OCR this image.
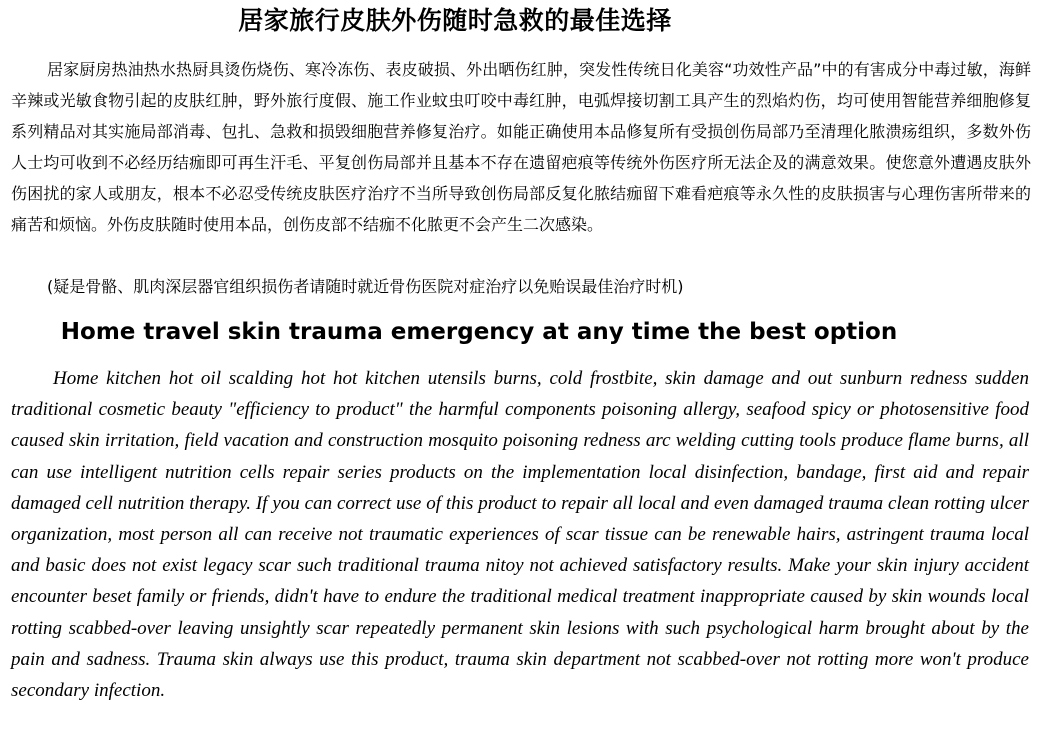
居家旅行皮肤外伤随时急救的最佳选择

居家厨房热油热水热厨具烫伤烧伤、寒冷冻伤、表皮破损、外出晒伤红肿，突发性传统日化美容“功效性产品”中的有害成分中毒过敏，海鲜辛辣或光敏食物引起的皮肤红肿，野外旅行度假、施工作业蚊虫叮咬中毒红肿，电弧焊接切割工具产生的烈焰灼伤，均可使用智能营养细胞修复系列精品对其实施局部消毒、包扎、急救和损毁细胞营养修复治疗。如能正确使用本品修复所有受损创伤局部乃至清理化脓溃疡组织，多数外伤人士均可收到不必经历结痂即可再生汗毛、平复创伤局部并且基本不存在遗留疤痕等传统外伤医疗所无法企及的满意效果。使您意外遭遇皮肤外伤困扰的家人或朋友，根本不必忍受传统皮肤医疗治疗不当所导致创伤局部反复化脓结痂留下难看疤痕等永久性的皮肤损害与心理伤害所带来的痛苦和烦恼。外伤皮肤随时使用本品，创伤皮部不结痂不化脓更不会产生二次感染。

(疑是骨骼、肌肉深层器官组织损伤者请随时就近骨伤医院对症治疗以免贻误最佳治疗时机)

Home travel skin trauma emergency at any time the best option

Home kitchen hot oil scalding hot hot kitchen utensils burns, cold frostbite, skin damage and out sunburn redness sudden traditional cosmetic beauty "efficiency to product" the harmful components poisoning allergy, seafood spicy or photosensitive food caused skin irritation, field vacation and construction mosquito poisoning redness arc welding cutting tools produce flame burns, all can use intelligent nutrition cells repair series products on the implementation local disinfection, bandage, first aid and repair damaged cell nutrition therapy. If you can correct use of this product to repair all local and even damaged trauma clean rotting ulcer organization, most person all can receive not traumatic experiences of scar tissue can be renewable hairs, astringent trauma local and basic does not exist legacy scar such traditional trauma nitoy not achieved satisfactory results. Make your skin injury accident encounter beset family or friends, didn't have to endure the traditional medical treatment inappropriate caused by skin wounds local rotting scabbed-over leaving unsightly scar repeatedly permanent skin lesions with such psychological harm brought about by the pain and sadness. Trauma skin always use this product, trauma skin department not scabbed-over not rotting more won't produce secondary infection.
